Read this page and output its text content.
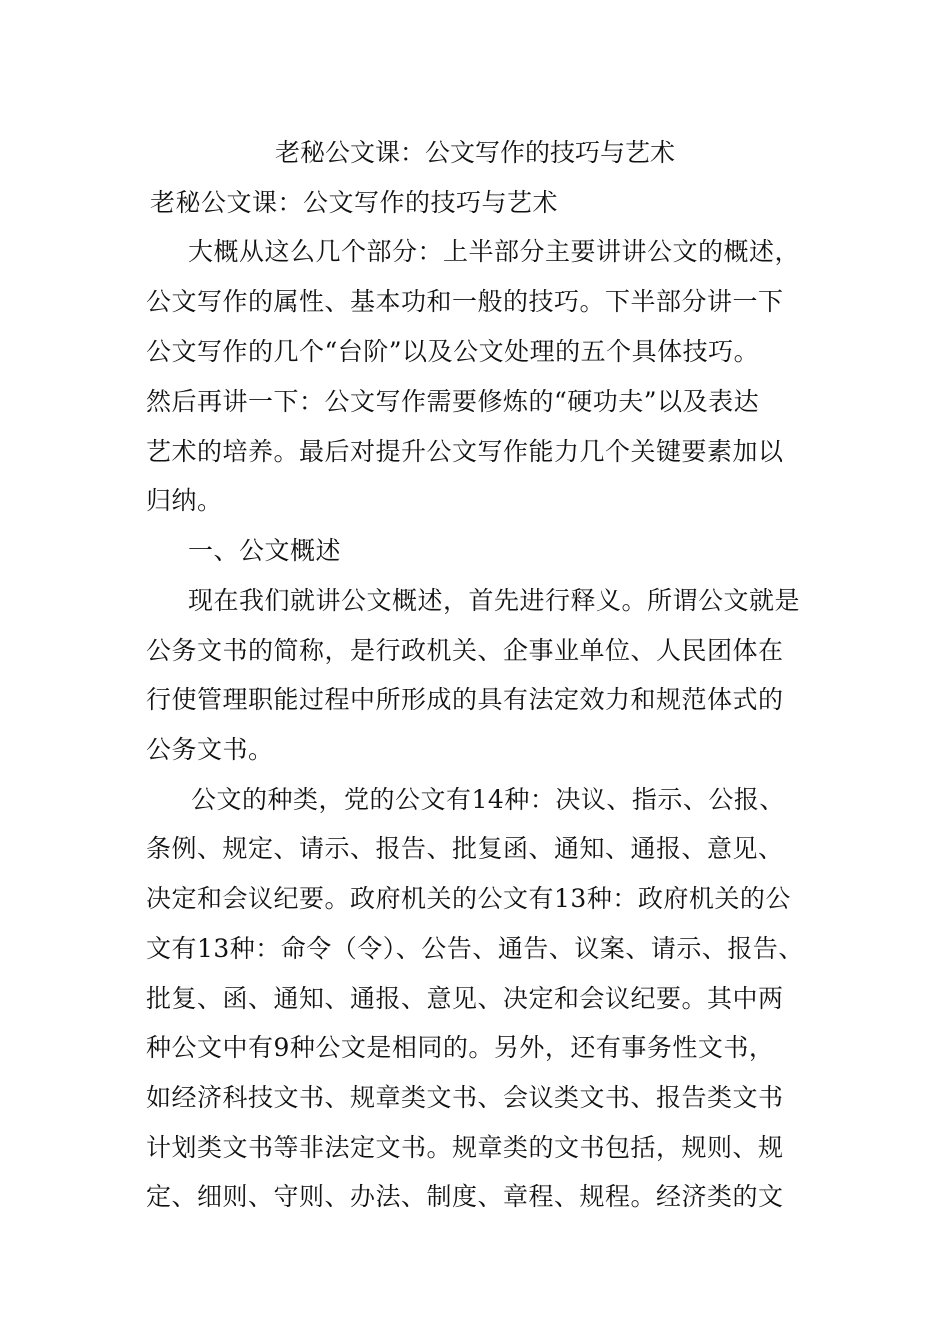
老秘公文课：公文写作的技巧与艺术
老秘公文课：公文写作的技巧与艺术
大概从这么几个部分：上半部分主要讲讲公文的概述，
公文写作的属性、基本功和一般的技巧。下半部分讲一下
公文写作的几个“台阶”以及公文处理的五个具体技巧。
然后再讲一下：公文写作需要修炼的“硬功夫”以及表达
艺术的培养。最后对提升公文写作能力几个关键要素加以
归纳。
一、公文概述
现在我们就讲公文概述，首先进行释义。所谓公文就是
公务文书的简称，是行政机关、企事业单位、人民团体在
行使管理职能过程中所形成的具有法定效力和规范体式的
公务文书。
公文的种类，党的公文有14种：决议、指示、公报、
条例、规定、请示、报告、批复函、通知、通报、意见、
决定和会议纪要。政府机关的公文有13种：政府机关的公
文有13种：命令（令）、公告、通告、议案、请示、报告、
批复、函、通知、通报、意见、决定和会议纪要。其中两
种公文中有9种公文是相同的。另外，还有事务性文书，
如经济科技文书、规章类文书、会议类文书、报告类文书
计划类文书等非法定文书。规章类的文书包括，规则、规
定、细则、守则、办法、制度、章程、规程。经济类的文
